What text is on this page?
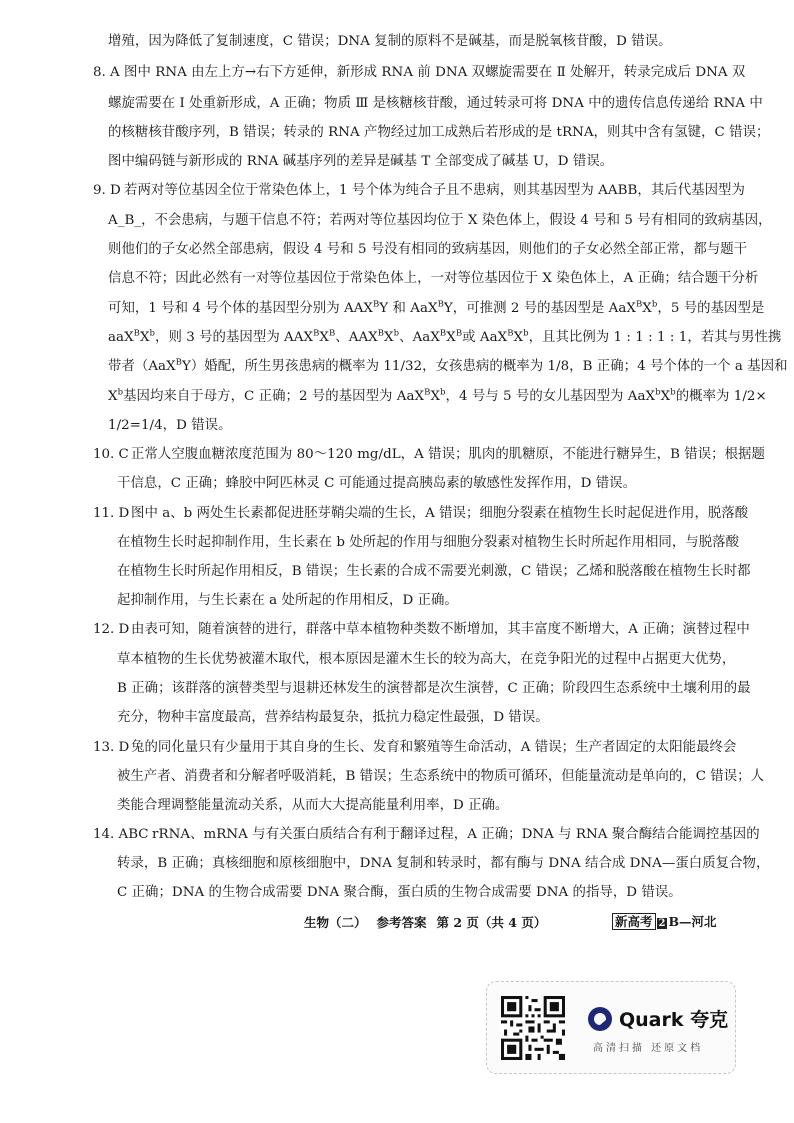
增殖，因为降低了复制速度，C 错误；DNA 复制的原料不是碱基，而是脱氧核苷酸，D 错误。
8. A 图中 RNA 由左上方→右下方延伸，新形成 RNA 前 DNA 双螺旋需要在 Ⅱ 处解开，转录完成后 DNA 双
螺旋需要在 Ⅰ 处重新形成，A 正确；物质 Ⅲ 是核糖核苷酸，通过转录可将 DNA 中的遗传信息传递给 RNA 中
的核糖核苷酸序列，B 错误；转录的 RNA 产物经过加工成熟后若形成的是 tRNA，则其中含有氢键，C 错误；
图中编码链与新形成的 RNA 碱基序列的差异是碱基 T 全部变成了碱基 U，D 错误。
9. D 若两对等位基因全位于常染色体上，1 号个体为纯合子且不患病，则其基因型为 AABB，其后代基因型为
A_B_，不会患病，与题干信息不符；若两对等位基因均位于 X 染色体上，假设 4 号和 5 号有相同的致病基因，
则他们的子女必然全部患病，假设 4 号和 5 号没有相同的致病基因，则他们的子女必然全部正常，都与题干
信息不符；因此必然有一对等位基因位于常染色体上，一对等位基因位于 X 染色体上，A 正确；结合题干分析
可知，1 号和 4 号个体的基因型分别为 $AAX^BY$ 和 AaX$^B$Y，可推测 2 号的基因型是 $AaX^BX^b$，5 号的基因型是
$aaX^BX^b$，则 3 号的基因型为 $AAX^BX^B$、$AAX^BX^b$、$AaX^BX^B$或 $AaX^BX^b$，且其比例为 1 : 1 : 1 : 1，若其与男性携
带者（AaX$^B$Y）婚配，所生男孩患病的概率为 11/32，女孩患病的概率为 1/8，B 正确；4 号个体的一个 a 基因和
$X^b$基因均来自于母方，C 正确；2 号的基因型为 $AaX^BX^b$，4 号与 5 号的女儿基因型为 $AaX^bX^b$的概率为 1/2×
1/2=1/4，D 错误。
10. C 正常人空腹血糖浓度范围为 80～120 mg/dL，A 错误；肌肉的肌糖原，不能进行糖异生，B 错误；根据题
干信息，C 正确；蜂胶中阿匹林灵 C 可能通过提高胰岛素的敏感性发挥作用，D 错误。
11. D 图中 a、b 两处生长素都促进胚芽鞘尖端的生长，A 错误；细胞分裂素在植物生长时起促进作用，脱落酸
在植物生长时起抑制作用，生长素在 b 处所起的作用与细胞分裂素对植物生长时所起作用相同，与脱落酸
在植物生长时所起作用相反，B 错误；生长素的合成不需要光刺激，C 错误；乙烯和脱落酸在植物生长时都
起抑制作用，与生长素在 a 处所起的作用相反，D 正确。
12. D 由表可知，随着演替的进行，群落中草本植物种类数不断增加，其丰富度不断增大，A 正确；演替过程中
草本植物的生长优势被灌木取代，根本原因是灌木生长的较为高大，在竞争阳光的过程中占据更大优势，
B 正确；该群落的演替类型与退耕还林发生的演替都是次生演替，C 正确；阶段四生态系统中土壤利用的最
充分，物种丰富度最高，营养结构最复杂，抵抗力稳定性最强，D 错误。
13. D 兔的同化量只有少量用于其自身的生长、发育和繁殖等生命活动，A 错误；生产者固定的太阳能最终会
被生产者、消费者和分解者呼吸消耗，B 错误；生态系统中的物质可循环，但能量流动是单向的，C 错误；人
类能合理调整能量流动关系，从而大大提高能量利用率，D 正确。
14. ABC rRNA、mRNA 与有关蛋白质结合有利于翻译过程，A 正确；DNA 与 RNA 聚合酶结合能调控基因的
转录，B 正确；真核细胞和原核细胞中，DNA 复制和转录时，都有酶与 DNA 结合成 DNA—蛋白质复合物，
C 正确；DNA 的生物合成需要 DNA 聚合酶，蛋白质的生物合成需要 DNA 的指导，D 错误。
生物（二） 参考答案 第 2 页（共 4 页）	新高考 2 B—河北
Quark 夸克
高清扫描 还原文档
